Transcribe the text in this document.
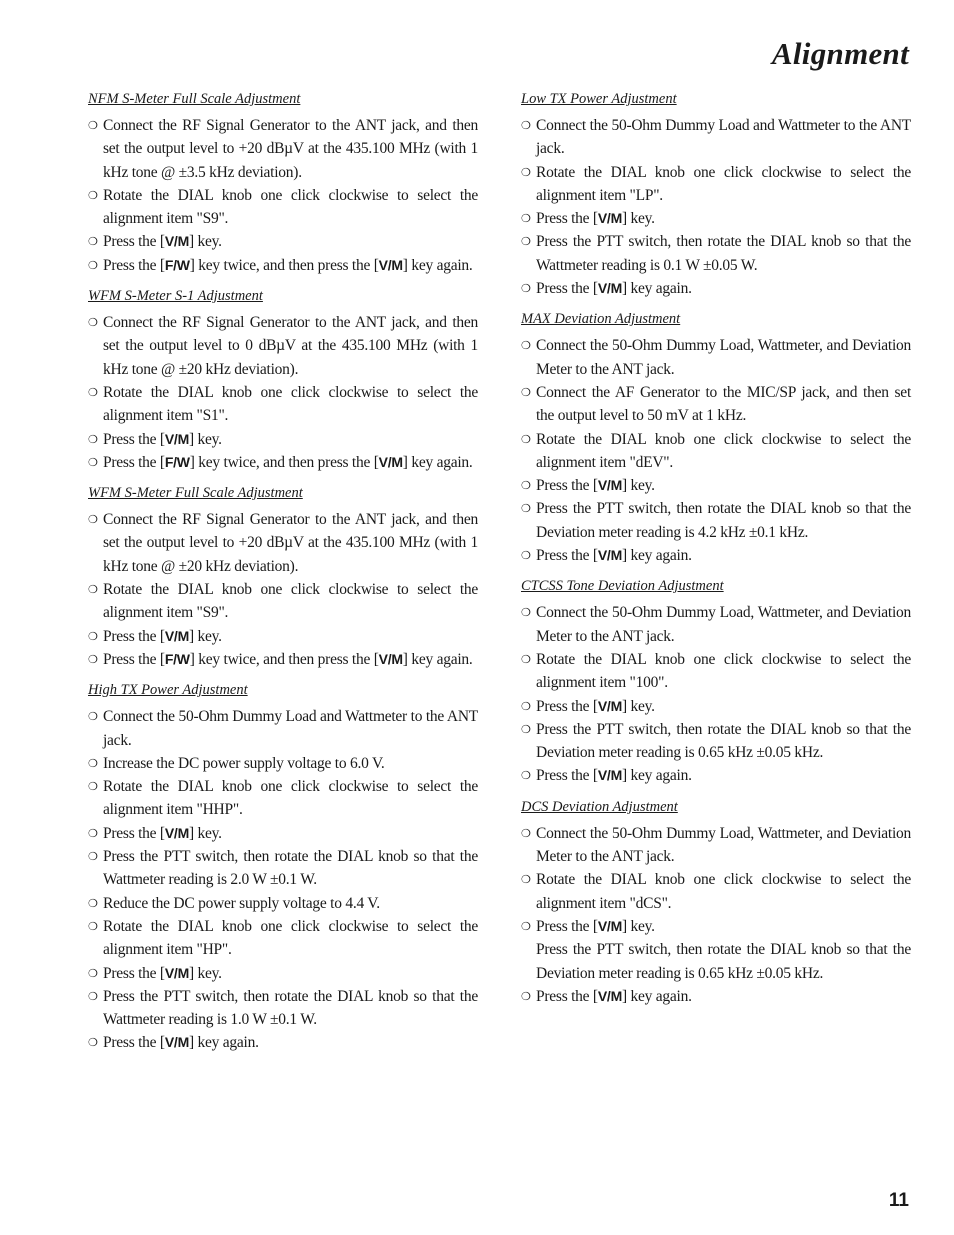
Alignment
NFM S-Meter Full Scale Adjustment
❍ Connect the RF Signal Generator to the ANT jack, and then set the output level to +20 dBµV at the 435.100 MHz (with 1 kHz tone @ ±3.5 kHz deviation).
❍ Rotate the DIAL knob one click clockwise to select the alignment item "S9".
❍ Press the [V/M] key.
❍ Press the [F/W] key twice, and then press the [V/M] key again.
WFM S-Meter S-1 Adjustment
❍ Connect the RF Signal Generator to the ANT jack, and then set the output level to 0 dBµV at the 435.100 MHz (with 1 kHz tone @ ±20 kHz deviation).
❍ Rotate the DIAL knob one click clockwise to select the alignment item "S1".
❍ Press the [V/M] key.
❍ Press the [F/W] key twice, and then press the [V/M] key again.
WFM S-Meter Full Scale Adjustment
❍ Connect the RF Signal Generator to the ANT jack, and then set the output level to +20 dBµV at the 435.100 MHz (with 1 kHz tone @ ±20 kHz deviation).
❍ Rotate the DIAL knob one click clockwise to select the alignment item "S9".
❍ Press the [V/M] key.
❍ Press the [F/W] key twice, and then press the [V/M] key again.
High TX Power Adjustment
❍ Connect the 50-Ohm Dummy Load and Wattmeter to the ANT jack.
❍ Increase the DC power supply voltage to 6.0 V.
❍ Rotate the DIAL knob one click clockwise to select the alignment item "HHP".
❍ Press the [V/M] key.
❍ Press the PTT switch, then rotate the DIAL knob so that the Wattmeter reading is 2.0 W ±0.1 W.
❍ Reduce the DC power supply voltage to 4.4 V.
❍ Rotate the DIAL knob one click clockwise to select the alignment item "HP".
❍ Press the [V/M] key.
❍ Press the PTT switch, then rotate the DIAL knob so that the Wattmeter reading is 1.0 W ±0.1 W.
❍ Press the [V/M] key again.
Low TX Power Adjustment
❍ Connect the 50-Ohm Dummy Load and Wattmeter to the ANT jack.
❍ Rotate the DIAL knob one click clockwise to select the alignment item "LP".
❍ Press the [V/M] key.
❍ Press the PTT switch, then rotate the DIAL knob so that the Wattmeter reading is 0.1 W ±0.05 W.
❍ Press the [V/M] key again.
MAX Deviation Adjustment
❍ Connect the 50-Ohm Dummy Load, Wattmeter, and Deviation Meter to the ANT jack.
❍ Connect the AF Generator to the MIC/SP jack, and then set the output level to 50 mV at 1 kHz.
❍ Rotate the DIAL knob one click clockwise to select the alignment item "dEV".
❍ Press the [V/M] key.
❍ Press the PTT switch, then rotate the DIAL knob so that the Deviation meter reading is 4.2 kHz ±0.1 kHz.
❍ Press the [V/M] key again.
CTCSS Tone Deviation Adjustment
❍ Connect the 50-Ohm Dummy Load, Wattmeter, and Deviation Meter to the ANT jack.
❍ Rotate the DIAL knob one click clockwise to select the alignment item "100".
❍ Press the [V/M] key.
❍ Press the PTT switch, then rotate the DIAL knob so that the Deviation meter reading is 0.65 kHz ±0.05 kHz.
❍ Press the [V/M] key again.
DCS Deviation Adjustment
❍ Connect the 50-Ohm Dummy Load, Wattmeter, and Deviation Meter to the ANT jack.
❍ Rotate the DIAL knob one click clockwise to select the alignment item "dCS".
❍ Press the [V/M] key.
Press the PTT switch, then rotate the DIAL knob so that the Deviation meter reading is 0.65 kHz ±0.05 kHz.
❍ Press the [V/M] key again.
11
